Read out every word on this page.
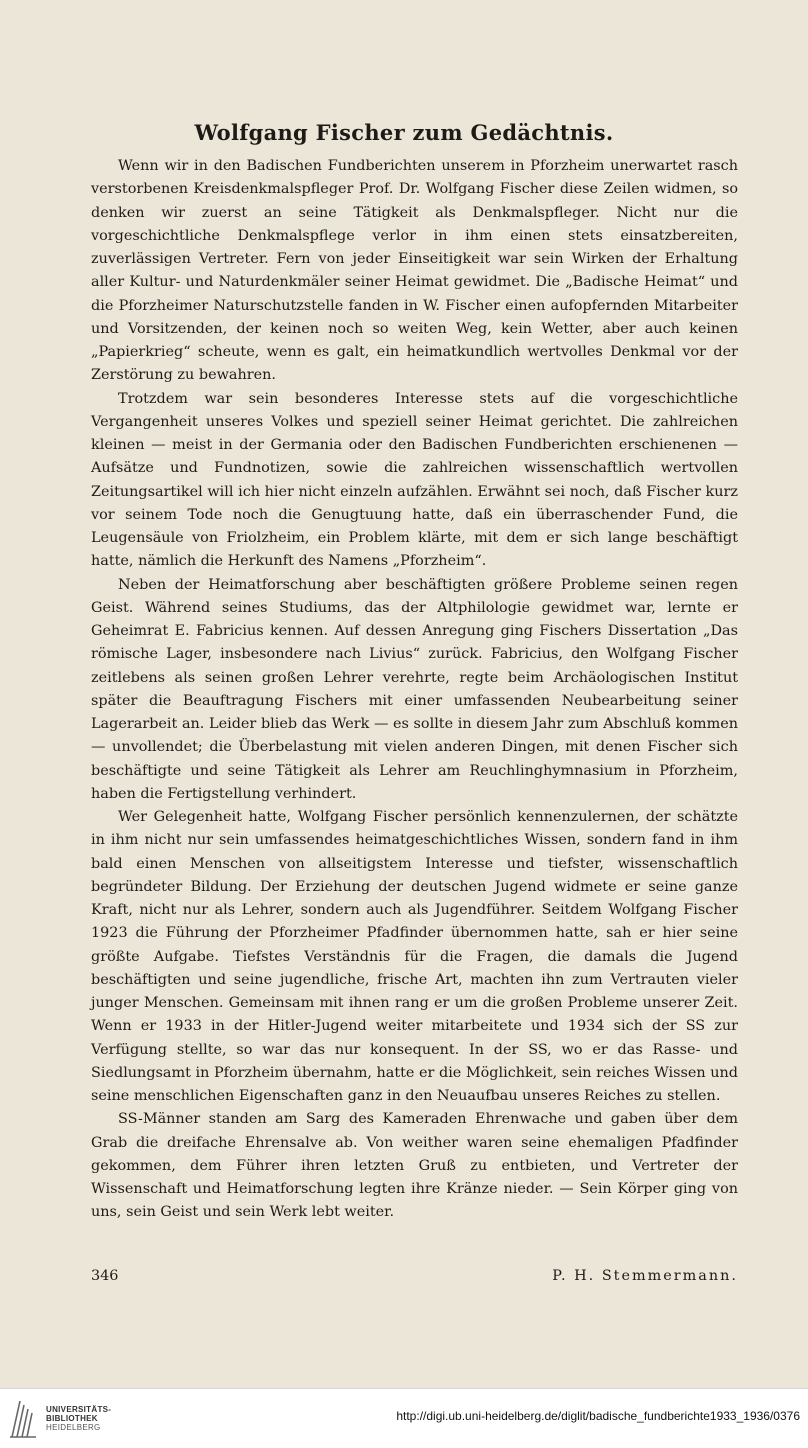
Wolfgang Fischer zum Gedächtnis.

Wenn wir in den Badischen Fundberichten unserem in Pforzheim unerwartet rasch verstorbenen Kreisdenkmalspfleger Prof. Dr. Wolfgang Fischer diese Zeilen widmen, so denken wir zuerst an seine Tätigkeit als Denkmalspfleger. Nicht nur die vorgeschichtliche Denkmalspflege verlor in ihm einen stets einsatzbereiten, zuverlässigen Vertreter. Fern von jeder Einseitigkeit war sein Wirken der Erhaltung aller Kultur- und Naturdenkmäler seiner Heimat gewidmet. Die „Badische Heimat“ und die Pforzheimer Naturschutzstelle fanden in W. Fischer einen aufopfernden Mitarbeiter und Vorsitzenden, der keinen noch so weiten Weg, kein Wetter, aber auch keinen „Papierkrieg“ scheute, wenn es galt, ein heimatkundlich wertvolles Denkmal vor der Zerstörung zu bewahren.

Trotzdem war sein besonderes Interesse stets auf die vorgeschichtliche Vergangenheit unseres Volkes und speziell seiner Heimat gerichtet. Die zahlreichen kleinen — meist in der Germania oder den Badischen Fundberichten erschienenen — Aufsätze und Fundnotizen, sowie die zahlreichen wissenschaftlich wertvollen Zeitungsartikel will ich hier nicht einzeln aufzählen. Erwähnt sei noch, daß Fischer kurz vor seinem Tode noch die Genugtuung hatte, daß ein überraschender Fund, die Leugensäule von Friolzheim, ein Problem klärte, mit dem er sich lange beschäftigt hatte, nämlich die Herkunft des Namens „Pforzheim“.

Neben der Heimatforschung aber beschäftigten größere Probleme seinen regen Geist. Während seines Studiums, das der Altphilologie gewidmet war, lernte er Geheimrat E. Fabricius kennen. Auf dessen Anregung ging Fischers Dissertation „Das römische Lager, insbesondere nach Livius“ zurück. Fabricius, den Wolfgang Fischer zeitlebens als seinen großen Lehrer verehrte, regte beim Archäologischen Institut später die Beauftragung Fischers mit einer umfassenden Neubearbeitung seiner Lagerarbeit an. Leider blieb das Werk — es sollte in diesem Jahr zum Abschluß kommen — unvollendet; die Überbelastung mit vielen anderen Dingen, mit denen Fischer sich beschäftigte und seine Tätigkeit als Lehrer am Reuchlinghymnasium in Pforzheim, haben die Fertigstellung verhindert.

Wer Gelegenheit hatte, Wolfgang Fischer persönlich kennenzulernen, der schätzte in ihm nicht nur sein umfassendes heimatgeschichtliches Wissen, sondern fand in ihm bald einen Menschen von allseitigstem Interesse und tiefster, wissenschaftlich begründeter Bildung. Der Erziehung der deutschen Jugend widmete er seine ganze Kraft, nicht nur als Lehrer, sondern auch als Jugendführer. Seitdem Wolfgang Fischer 1923 die Führung der Pforzheimer Pfadfinder übernommen hatte, sah er hier seine größte Aufgabe. Tiefstes Verständnis für die Fragen, die damals die Jugend beschäftigten und seine jugendliche, frische Art, machten ihn zum Vertrauten vieler junger Menschen. Gemeinsam mit ihnen rang er um die großen Probleme unserer Zeit. Wenn er 1933 in der Hitler-Jugend weiter mitarbeitete und 1934 sich der SS zur Verfügung stellte, so war das nur konsequent. In der SS, wo er das Rasse- und Siedlungsamt in Pforzheim übernahm, hatte er die Möglichkeit, sein reiches Wissen und seine menschlichen Eigenschaften ganz in den Neuaufbau unseres Reiches zu stellen.

SS-Männer standen am Sarg des Kameraden Ehrenwache und gaben über dem Grab die dreifache Ehrensalve ab. Von weither waren seine ehemaligen Pfadfinder gekommen, dem Führer ihren letzten Gruß zu entbieten, und Vertreter der Wissenschaft und Heimatforschung legten ihre Kränze nieder. — Sein Körper ging von uns, sein Geist und sein Werk lebt weiter.

346	P. H. Stemmermann.
UNIVERSITÄTS-
BIBLIOTHEK
HEIDELBERG
http://digi.ub.uni-heidelberg.de/diglit/badische_fundberichte1933_1936/0376
